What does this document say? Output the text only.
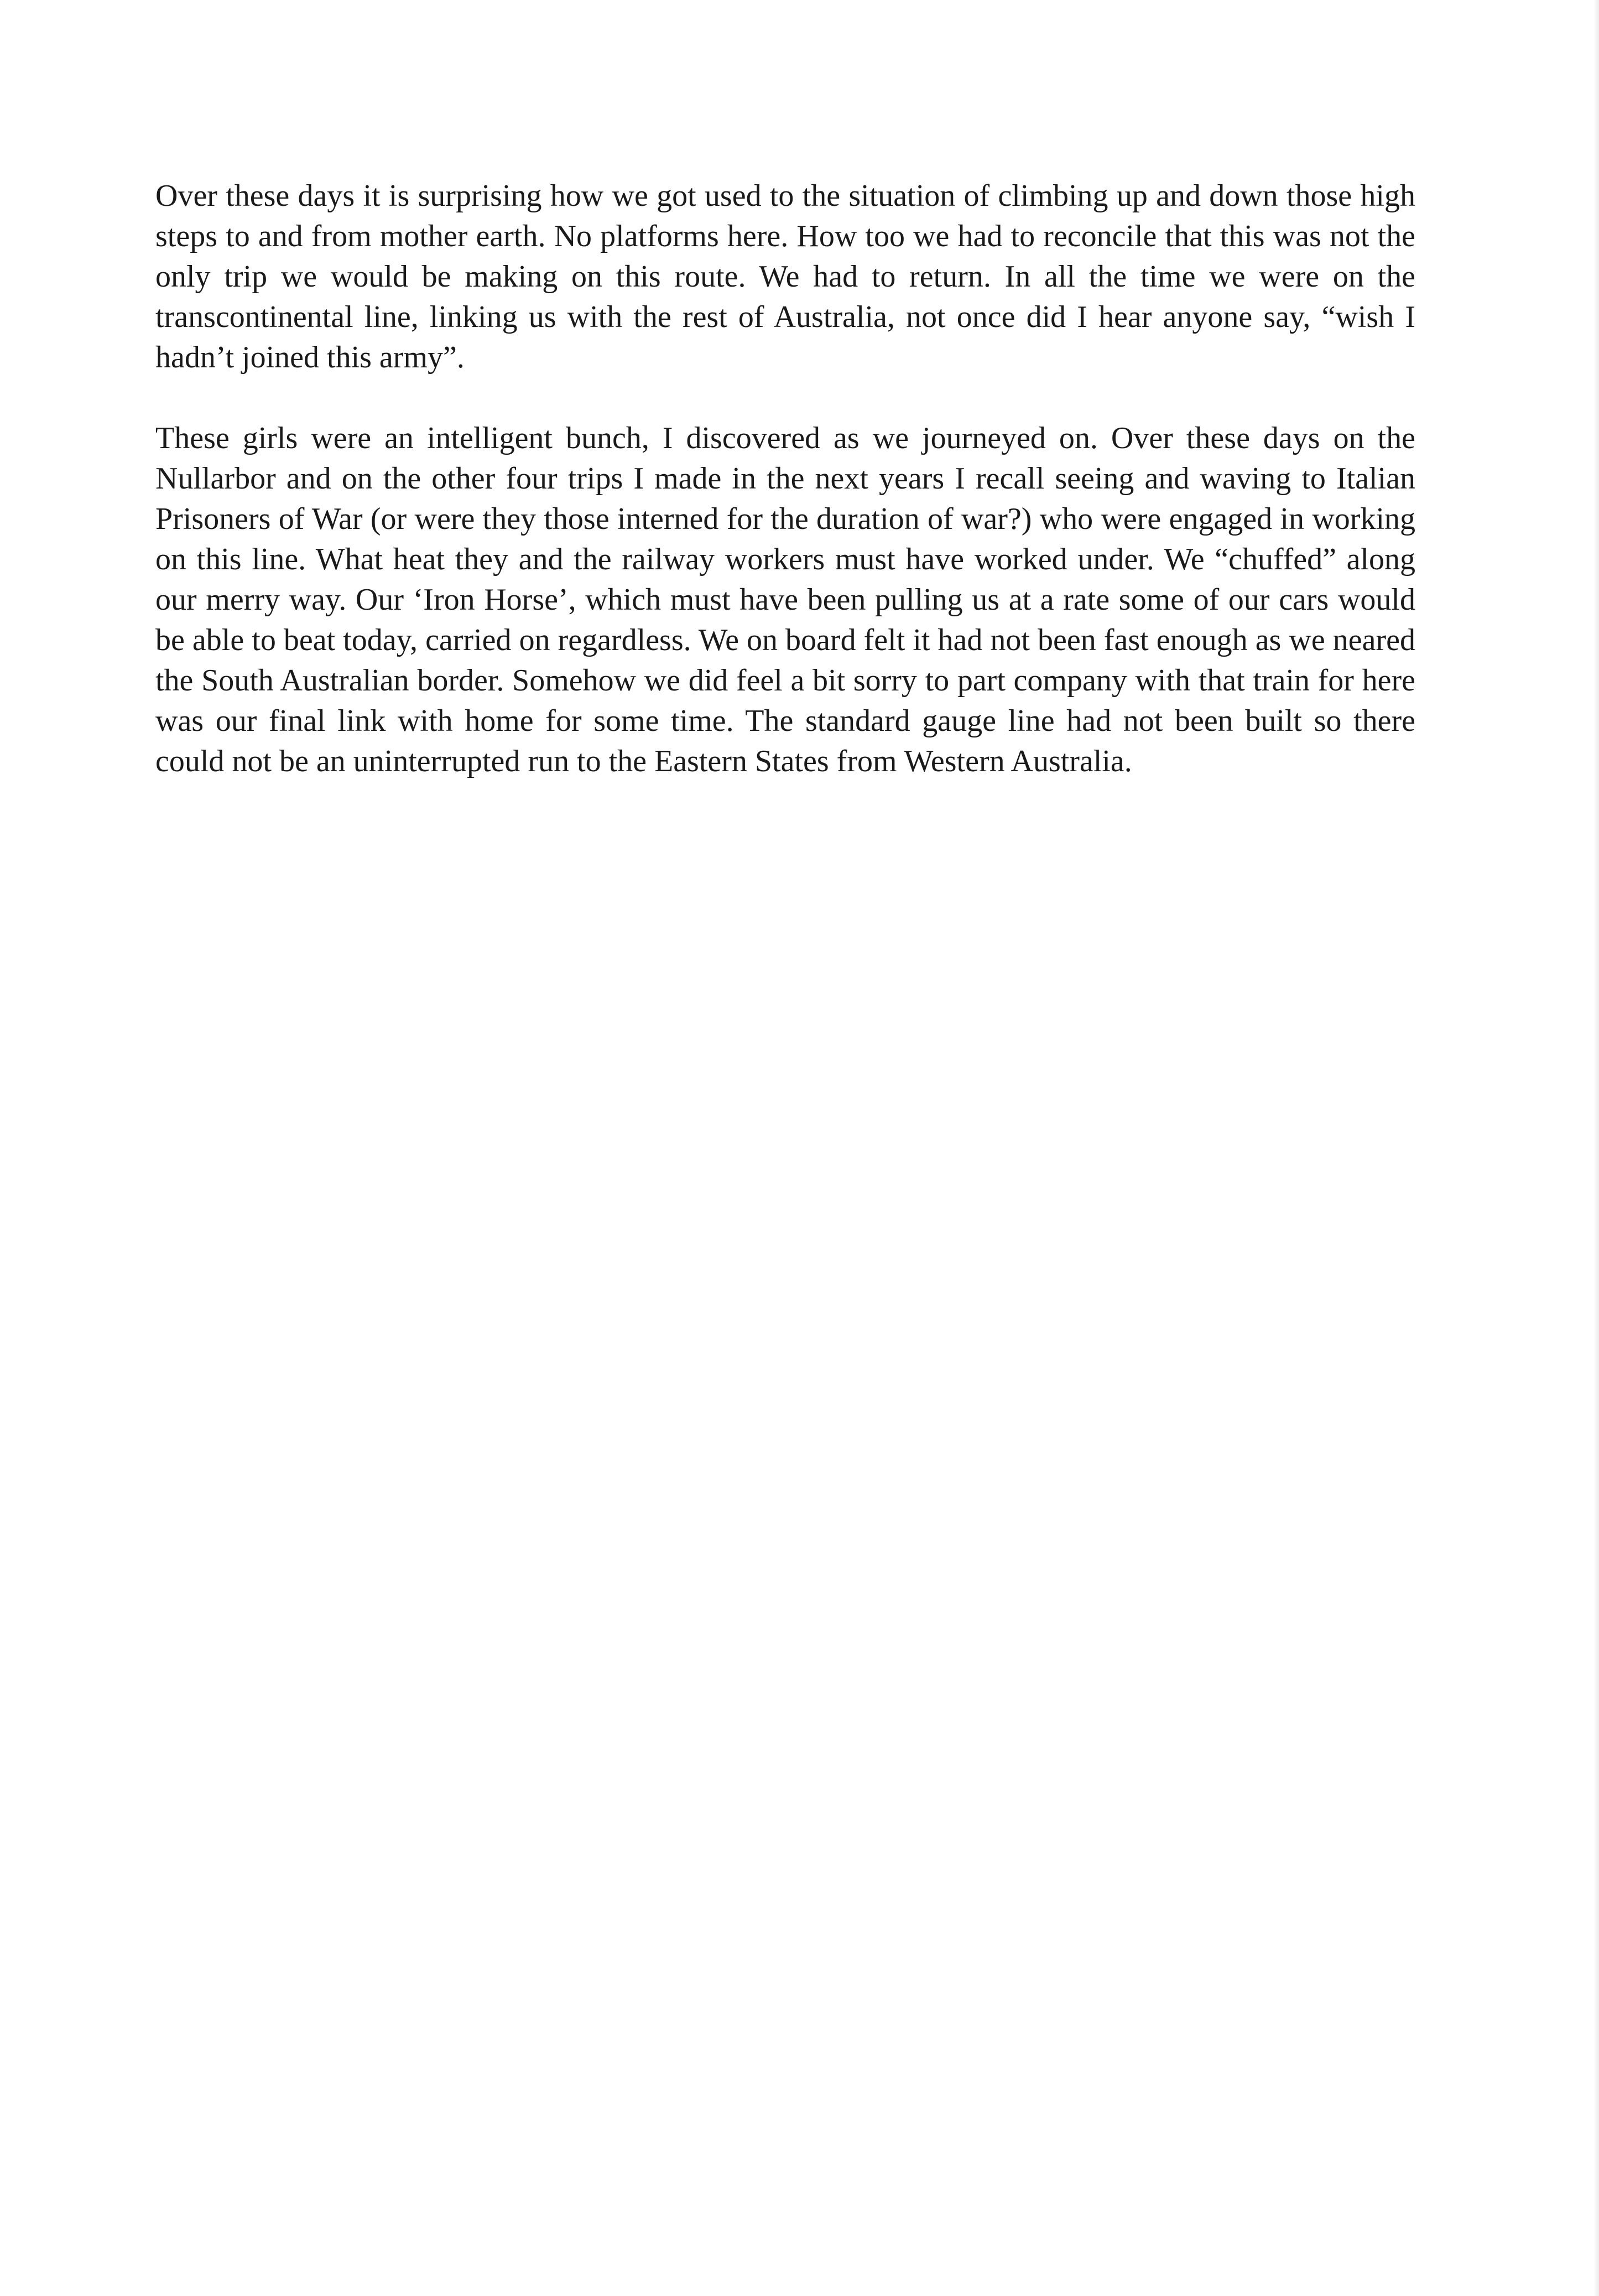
Over these days it is surprising how we got used to the situation of climbing up and down those high steps to and from mother earth. No platforms here. How too we had to reconcile that this was not the only trip we would be making on this route. We had to return. In all the time we were on the transcontinental line, linking us with the rest of Australia, not once did I hear anyone say, “wish I hadn’t joined this army”.

These girls were an intelligent bunch, I discovered as we journeyed on. Over these days on the Nullarbor and on the other four trips I made in the next years I recall seeing and waving to Italian Prisoners of War (or were they those interned for the duration of war?) who were engaged in working on this line. What heat they and the railway workers must have worked under. We “chuffed” along our merry way. Our ‘Iron Horse’, which must have been pulling us at a rate some of our cars would be able to beat today, carried on regardless. We on board felt it had not been fast enough as we neared the South Australian border. Somehow we did feel a bit sorry to part company with that train for here was our final link with home for some time. The standard gauge line had not been built so there could not be an uninterrupted run to the Eastern States from Western Australia.
